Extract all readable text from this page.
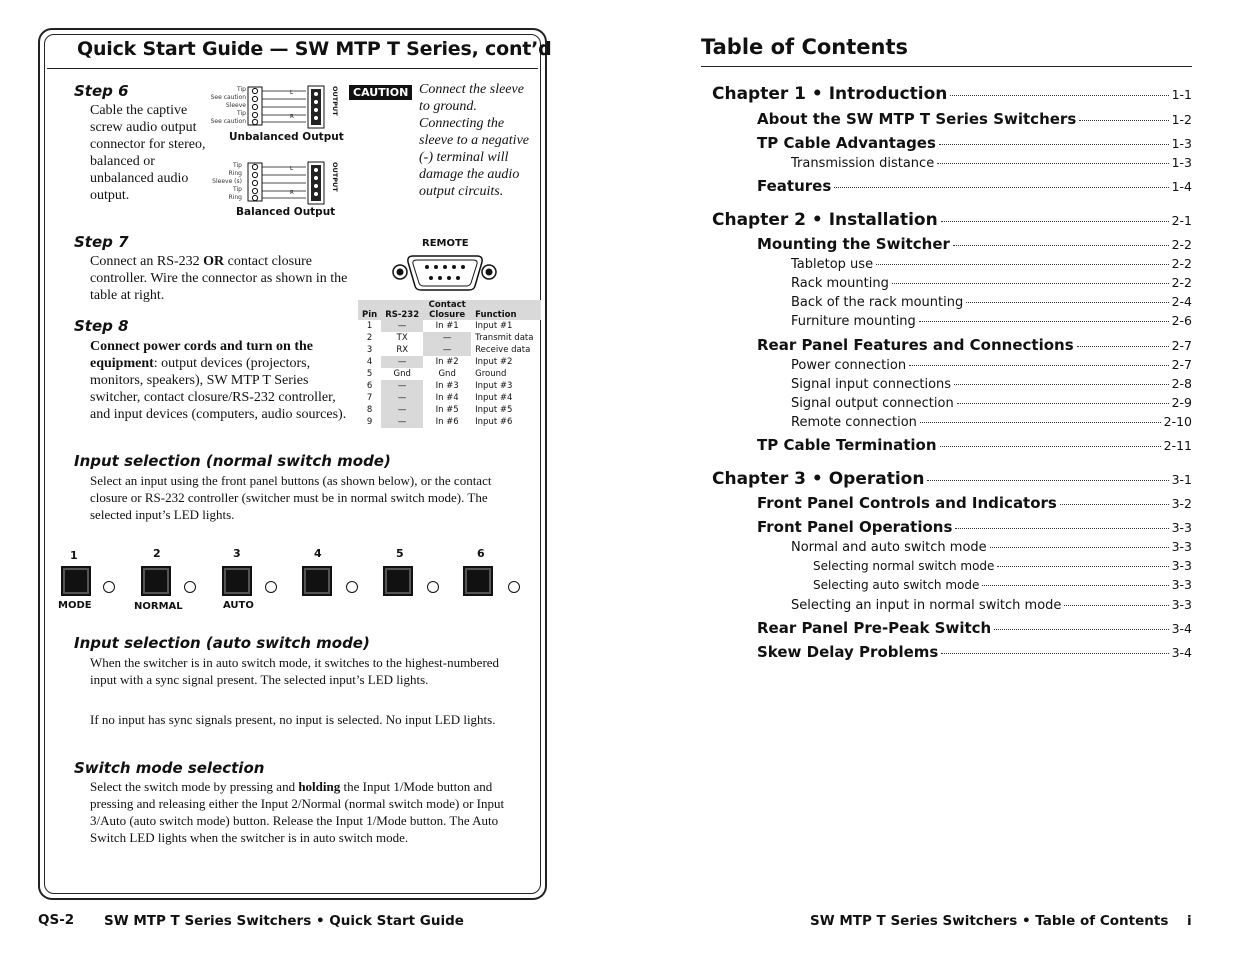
Quick Start Guide — SW MTP T Series, cont’d
Step 6
Cable the captive screw audio output connector for stereo, balanced or unbalanced audio output.
Tip
See caution
Sleeve
Tip
See caution
L
R
OUTPUT
Unbalanced Output
Tip
Ring
Sleeve (s)
Tip
Ring
L
R
OUTPUT
Balanced Output
CAUTION Connect the sleeve to ground. Connecting the sleeve to a negative (-) terminal will damage the audio output circuits.
Step 7
Connect an RS-232 OR contact closure controller. Wire the connector as shown in the table at right.
REMOTE
Pin	RS-232	Contact Closure	Function
1	—	In #1	Input #1
2	TX	—	Transmit data
3	RX	—	Receive data
4	—	In #2	Input #2
5	Gnd	Gnd	Ground
6	—	In #3	Input #3
7	—	In #4	Input #4
8	—	In #5	Input #5
9	—	In #6	Input #6
Step 8
Connect power cords and turn on the equipment: output devices (projectors, monitors, speakers), SW MTP T Series switcher, contact closure/RS-232 controller, and input devices (computers, audio sources).
Input selection (normal switch mode)
Select an input using the front panel buttons (as shown below), or the contact closure or RS-232 controller (switcher must be in normal switch mode). The selected input’s LED lights.
1	2	3	4	5	6
MODE	NORMAL	AUTO
Input selection (auto switch mode)
When the switcher is in auto switch mode, it switches to the highest-numbered input with a sync signal present. The selected input’s LED lights.
If no input has sync signals present, no input is selected. No input LED lights.
Switch mode selection
Select the switch mode by pressing and holding the Input 1/Mode button and pressing and releasing either the Input 2/Normal (normal switch mode) or Input 3/Auto (auto switch mode) button. Release the Input 1/Mode button. The Auto Switch LED lights when the switcher is in auto switch mode.
QS-2 SW MTP T Series Switchers • Quick Start Guide
Table of Contents
Chapter 1 • Introduction	1-1
About the SW MTP T Series Switchers	1-2
TP Cable Advantages	1-3
Transmission distance	1-3
Features	1-4
Chapter 2 • Installation	2-1
Mounting the Switcher	2-2
Tabletop use	2-2
Rack mounting	2-2
Back of the rack mounting	2-4
Furniture mounting	2-6
Rear Panel Features and Connections	2-7
Power connection	2-7
Signal input connections	2-8
Signal output connection	2-9
Remote connection	2-10
TP Cable Termination	2-11
Chapter 3 • Operation	3-1
Front Panel Controls and Indicators	3-2
Front Panel Operations	3-3
Normal and auto switch mode	3-3
Selecting normal switch mode	3-3
Selecting auto switch mode	3-3
Selecting an input in normal switch mode	3-3
Rear Panel Pre-Peak Switch	3-4
Skew Delay Problems	3-4
SW MTP T Series Switchers • Table of Contents i
